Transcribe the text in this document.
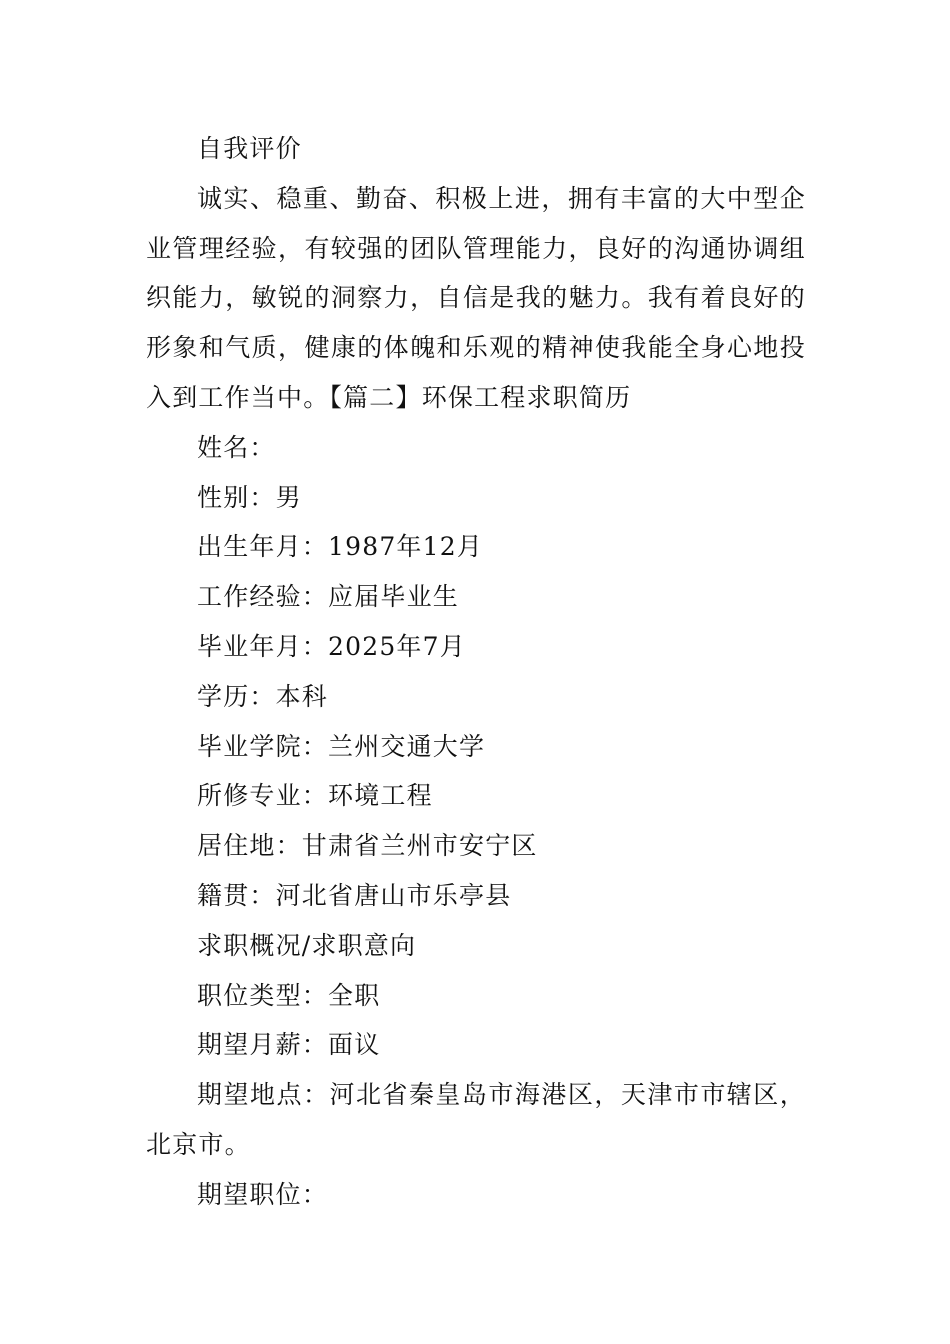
自我评价

诚实、稳重、勤奋、积极上进，拥有丰富的大中型企业管理经验，有较强的团队管理能力，良好的沟通协调组织能力，敏锐的洞察力，自信是我的魅力。我有着良好的形象和气质，健康的体魄和乐观的精神使我能全身心地投入到工作当中。【篇二】环保工程求职简历

姓名：
性别：男
出生年月：1987年12月
工作经验：应届毕业生
毕业年月：2025年7月
学历：本科
毕业学院：兰州交通大学
所修专业：环境工程
居住地：甘肃省兰州市安宁区
籍贯：河北省唐山市乐亭县
求职概况/求职意向
职位类型：全职
期望月薪：面议

期望地点：河北省秦皇岛市海港区，天津市市辖区，北京市。

期望职位：
